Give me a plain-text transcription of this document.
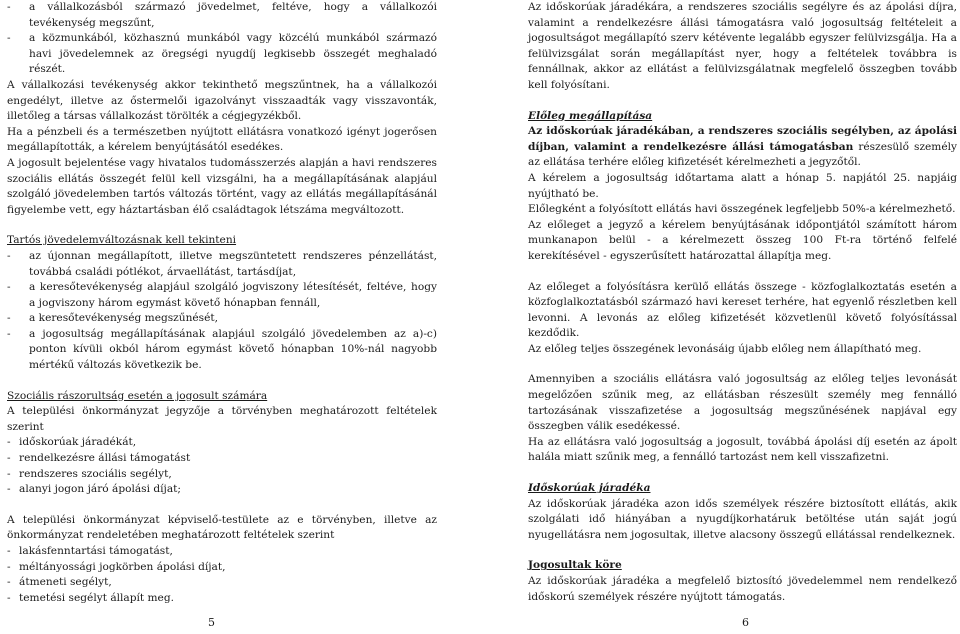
-	a vállalkozásból származó jövedelmet, feltéve, hogy a vállalkozói tevékenység megszűnt,
-	a közmunkából, közhasznú munkából vagy közcélú munkából származó havi jövedelemnek az öregségi nyugdíj legkisebb összegét meghaladó részét.

A vállalkozási tevékenység akkor tekinthető megszűntnek, ha a vállalkozói engedélyt, illetve az őstermelői igazolványt visszaadták vagy visszavonták, illetőleg a társas vállalkozást törölték a cégjegyzékből.

Ha a pénzbeli és a természetben nyújtott ellátásra vonatkozó igényt jogerősen megállapították, a kérelem benyújtásától esedékes.

A jogosult bejelentése vagy hivatalos tudomásszerzés alapján a havi rendszeres szociális ellátás összegét felül kell vizsgálni, ha a megállapításának alapjául szolgáló jövedelemben tartós változás történt, vagy az ellátás megállapításánál figyelembe vett, egy háztartásban élő családtagok létszáma megváltozott.

Tartós jövedelemváltozásnak kell tekinteni

-	az újonnan megállapított, illetve megszüntetett rendszeres pénzellátást, továbbá családi pótlékot, árvaellátást, tartásdíjat,
-	a keresőtevékenység alapjául szolgáló jogviszony létesítését, feltéve, hogy a jogviszony három egymást követő hónapban fennáll,
-	a keresőtevékenység megszűnését,
-	a jogosultság megállapításának alapjául szolgáló jövedelemben az a)-c) ponton kívüli okból három egymást követő hónapban 10%-nál nagyobb mértékű változás következik be.

Szociális rászorultság esetén a jogosult számára

A települési önkormányzat jegyzője a törvényben meghatározott feltételek szerint

- időskorúak járadékát,
- rendelkezésre állási támogatást
- rendszeres szociális segélyt,
- alanyi jogon járó ápolási díjat;

A települési önkormányzat képviselő-testülete az e törvényben, illetve az önkormányzat rendeletében meghatározott feltételek szerint

- lakásfenntartási támogatást,
- méltányossági jogkörben ápolási díjat,
- átmeneti segélyt,
- temetési segélyt állapít meg.
5

Az időskorúak járadékára, a rendszeres szociális segélyre és az ápolási díjra, valamint a rendelkezésre állási támogatásra való jogosultság feltételeit a jogosultságot megállapító szerv kétévente legalább egyszer felülvizsgálja. Ha a felülvizsgálat során megállapítást nyer, hogy a feltételek továbbra is fennállnak, akkor az ellátást a felülvizsgálatnak megfelelő összegben tovább kell folyósítani.

Előleg megállapítása

Az időskorúak járadékában, a rendszeres szociális segélyben, az ápolási díjban, valamint a rendelkezésre állási támogatásban részesülő személy az ellátása terhére előleg kifizetését kérelmezheti a jegyzőtől.

A kérelem a jogosultság időtartama alatt a hónap 5. napjától 25. napjáig nyújtható be.

Előlegként a folyósított ellátás havi összegének legfeljebb 50%-a kérelmezhető.

Az előleget a jegyző a kérelem benyújtásának időpontjától számított három munkanapon belül - a kérelmezett összeg 100 Ft-ra történő felfelé kerekítésével - egyszerűsített határozattal állapítja meg.

Az előleget a folyósításra kerülő ellátás összege - közfoglalkoztatás esetén a közfoglalkoztatásból származó havi kereset terhére, hat egyenlő részletben kell levonni. A levonás az előleg kifizetését közvetlenül követő folyósítással kezdődik.

Az előleg teljes összegének levonásáig újabb előleg nem állapítható meg.

Amennyiben a szociális ellátásra való jogosultság az előleg teljes levonását megelőzően szűnik meg, az ellátásban részesült személy meg fennálló tartozásának visszafizetése a jogosultság megszűnésének napjával egy összegben válik esedékessé.

Ha az ellátásra való jogosultság a jogosult, továbbá ápolási díj esetén az ápolt halála miatt szűnik meg, a fennálló tartozást nem kell visszafizetni.

Időskorúak járadéka

Az időskorúak járadéka azon idős személyek részére biztosított ellátás, akik szolgálati idő hiányában a nyugdíjkorhatáruk betöltése után saját jogú nyugellátásra nem jogosultak, illetve alacsony összegű ellátással rendelkeznek.

Jogosultak köre

Az időskorúak járadéka a megfelelő biztosító jövedelemmel nem rendelkező időskorú személyek részére nyújtott támogatás.

6
